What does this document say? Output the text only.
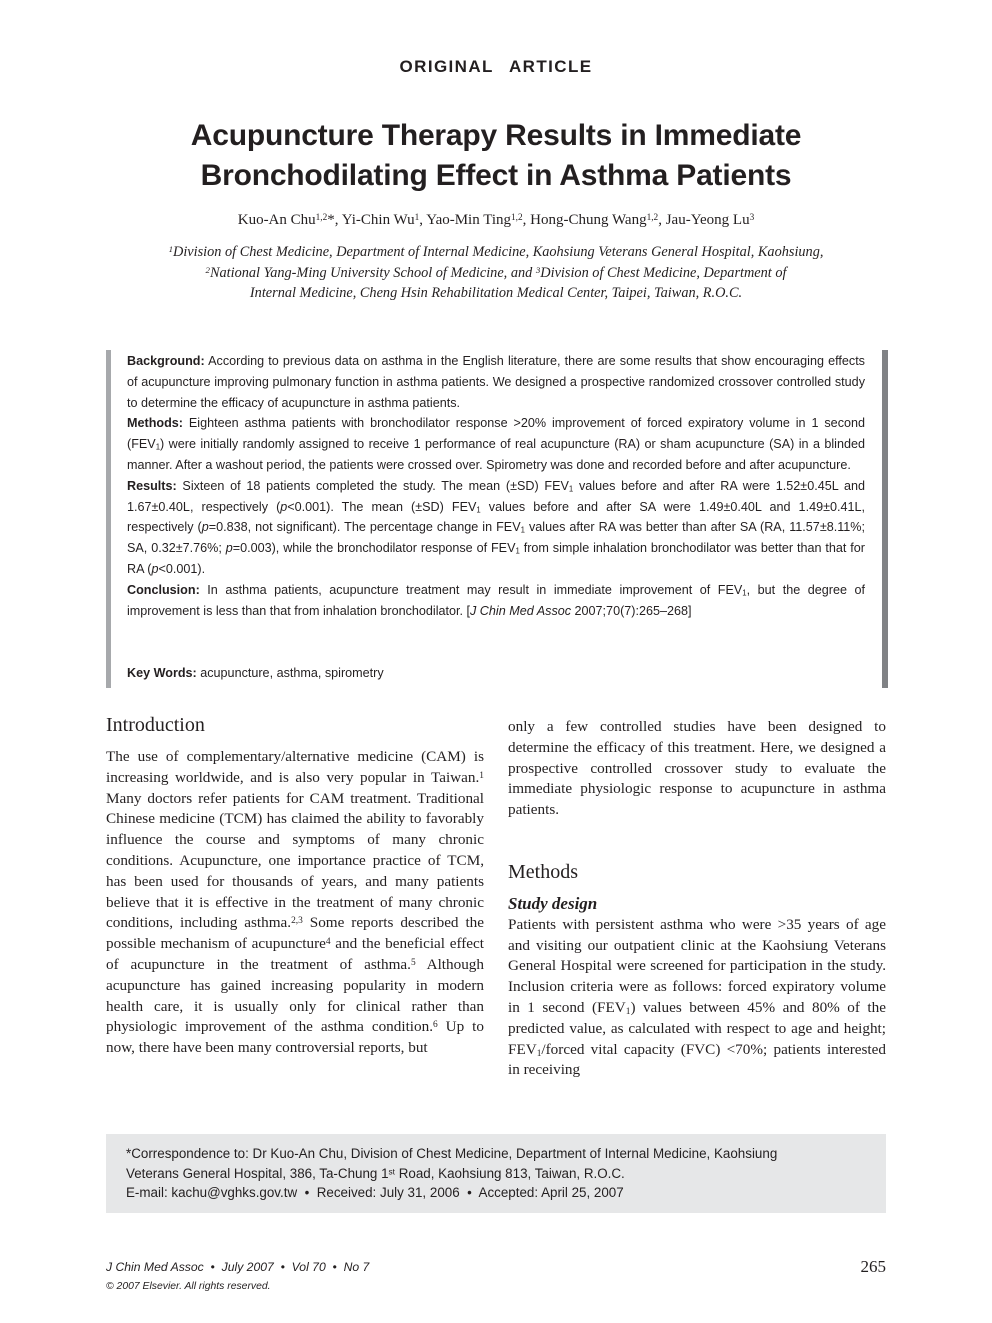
ORIGINAL ARTICLE
Acupuncture Therapy Results in Immediate
Bronchodilating Effect in Asthma Patients
Kuo-An Chu$^{1,2}$*, Yi-Chin Wu$^1$, Yao-Min Ting$^{1,2}$, Hong-Chung Wang$^{1,2}$, Jau-Yeong Lu$^3$
$^1$Division of Chest Medicine, Department of Internal Medicine, Kaohsiung Veterans General Hospital, Kaohsiung,
$^2$National Yang-Ming University School of Medicine, and $^3$Division of Chest Medicine, Department of
Internal Medicine, Cheng Hsin Rehabilitation Medical Center, Taipei, Taiwan, R.O.C.

Background: According to previous data on asthma in the English literature, there are some results that show encouraging effects of acupuncture improving pulmonary function in asthma patients. We designed a prospective randomized crossover controlled study to determine the efficacy of acupuncture in asthma patients.

Methods: Eighteen asthma patients with bronchodilator response >20% improvement of forced expiratory volume in 1 second $(FEV_1)$ were initially randomly assigned to receive 1 performance of real acupuncture (RA) or sham acupuncture (SA) in a blinded manner. After a washout period, the patients were crossed over. Spirometry was done and recorded before and after acupuncture.

Results: Sixteen of 18 patients completed the study. The mean (±SD) $FEV_1$ values before and after RA were 1.52±0.45L and 1.67±0.40L, respectively (p<0.001). The mean (±SD) $FEV_1$ values before and after SA were 1.49±0.40L and 1.49±0.41L, respectively (p=0.838, not significant). The percentage change in $FEV_1$ values after RA was better than after SA (RA, 11.57±8.11%; SA, 0.32±7.76%; p=0.003), while the bronchodilator response of $FEV_1$ from simple inhalation bronchodilator was better than that for RA (p<0.001).

Conclusion: In asthma patients, acupuncture treatment may result in immediate improvement of $FEV_1$, but the degree of improvement is less than that from inhalation bronchodilator. [J Chin Med Assoc 2007;70(7):265–268]

Key Words: acupuncture, asthma, spirometry
Introduction

The use of complementary/alternative medicine (CAM) is increasing worldwide, and is also very popular in Taiwan.$^1$ Many doctors refer patients for CAM treatment. Traditional Chinese medicine (TCM) has claimed the ability to favorably influence the course and symptoms of many chronic conditions. Acupuncture, one importance practice of TCM, has been used for thousands of years, and many patients believe that it is effective in the treatment of many chronic conditions, including asthma.$^{2,3}$ Some reports described the possible mechanism of acupuncture$^4$ and the beneficial effect of acupuncture in the treatment of asthma.$^5$ Although acupuncture has gained increasing popularity in modern health care, it is usually only for clinical rather than physiologic improvement of the asthma condition.$^6$ Up to now, there have been many controversial reports, but

only a few controlled studies have been designed to determine the efficacy of this treatment. Here, we designed a prospective controlled crossover study to evaluate the immediate physiologic response to acupuncture in asthma patients.

Methods
Study design

Patients with persistent asthma who were >35 years of age and visiting our outpatient clinic at the Kaohsiung Veterans General Hospital were screened for participation in the study. Inclusion criteria were as follows: forced expiratory volume in 1 second $(FEV_1)$ values between 45% and 80% of the predicted value, as calculated with respect to age and height; $FEV_1$/forced vital capacity (FVC) <70%; patients interested in receiving

*Correspondence to: Dr Kuo-An Chu, Division of Chest Medicine, Department of Internal Medicine, Kaohsiung
Veterans General Hospital, 386, Ta-Chung 1st Road, Kaohsiung 813, Taiwan, R.O.C.
E-mail: kachu@vghks.gov.tw • Received: July 31, 2006 • Accepted: April 25, 2007
J Chin Med Assoc • July 2007 • Vol 70 • No 7
© 2007 Elsevier. All rights reserved.
265
